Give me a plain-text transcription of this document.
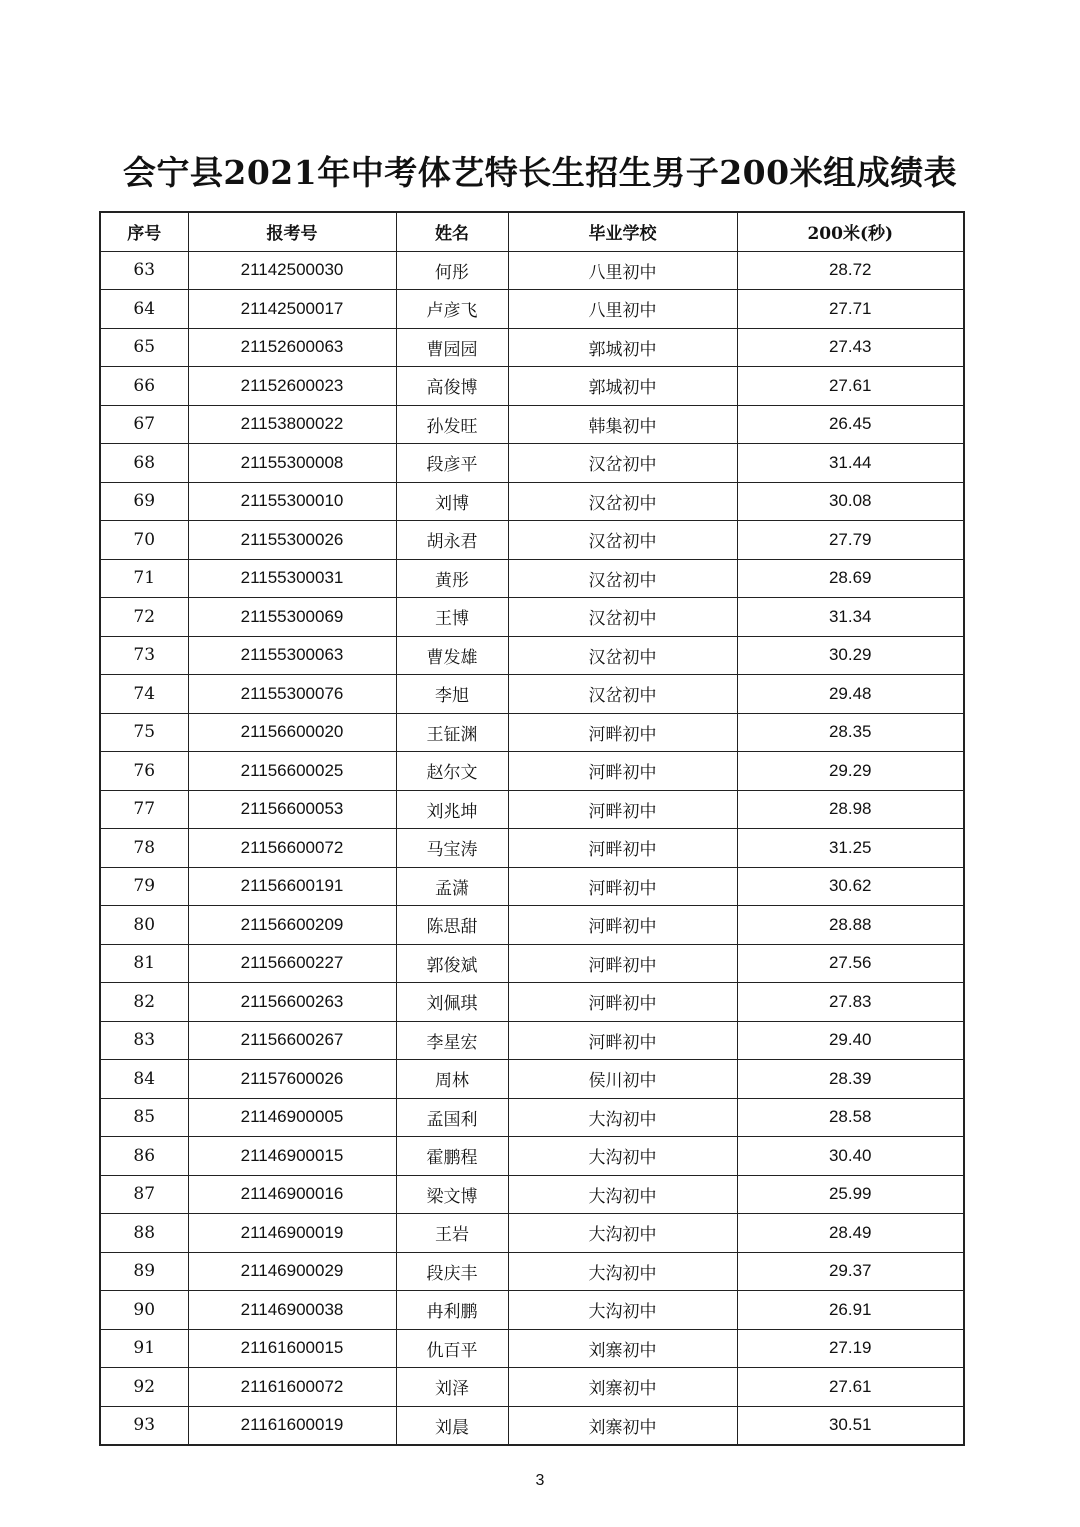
会宁县2021年中考体艺特长生招生男子200米组成绩表
序号	报考号	姓名	毕业学校	200米(秒)
63	21142500030	何彤	八里初中	28.72
64	21142500017	卢彦飞	八里初中	27.71
65	21152600063	曹园园	郭城初中	27.43
66	21152600023	高俊博	郭城初中	27.61
67	21153800022	孙发旺	韩集初中	26.45
68	21155300008	段彦平	汉岔初中	31.44
69	21155300010	刘博	汉岔初中	30.08
70	21155300026	胡永君	汉岔初中	27.79
71	21155300031	黄彤	汉岔初中	28.69
72	21155300069	王博	汉岔初中	31.34
73	21155300063	曹发雄	汉岔初中	30.29
74	21155300076	李旭	汉岔初中	29.48
75	21156600020	王钲渊	河畔初中	28.35
76	21156600025	赵尔文	河畔初中	29.29
77	21156600053	刘兆坤	河畔初中	28.98
78	21156600072	马宝涛	河畔初中	31.25
79	21156600191	孟潇	河畔初中	30.62
80	21156600209	陈思甜	河畔初中	28.88
81	21156600227	郭俊斌	河畔初中	27.56
82	21156600263	刘佩琪	河畔初中	27.83
83	21156600267	李星宏	河畔初中	29.40
84	21157600026	周林	侯川初中	28.39
85	21146900005	孟国利	大沟初中	28.58
86	21146900015	霍鹏程	大沟初中	30.40
87	21146900016	梁文博	大沟初中	25.99
88	21146900019	王岩	大沟初中	28.49
89	21146900029	段庆丰	大沟初中	29.37
90	21146900038	冉利鹏	大沟初中	26.91
91	21161600015	仇百平	刘寨初中	27.19
92	21161600072	刘泽	刘寨初中	27.61
93	21161600019	刘晨	刘寨初中	30.51
3
